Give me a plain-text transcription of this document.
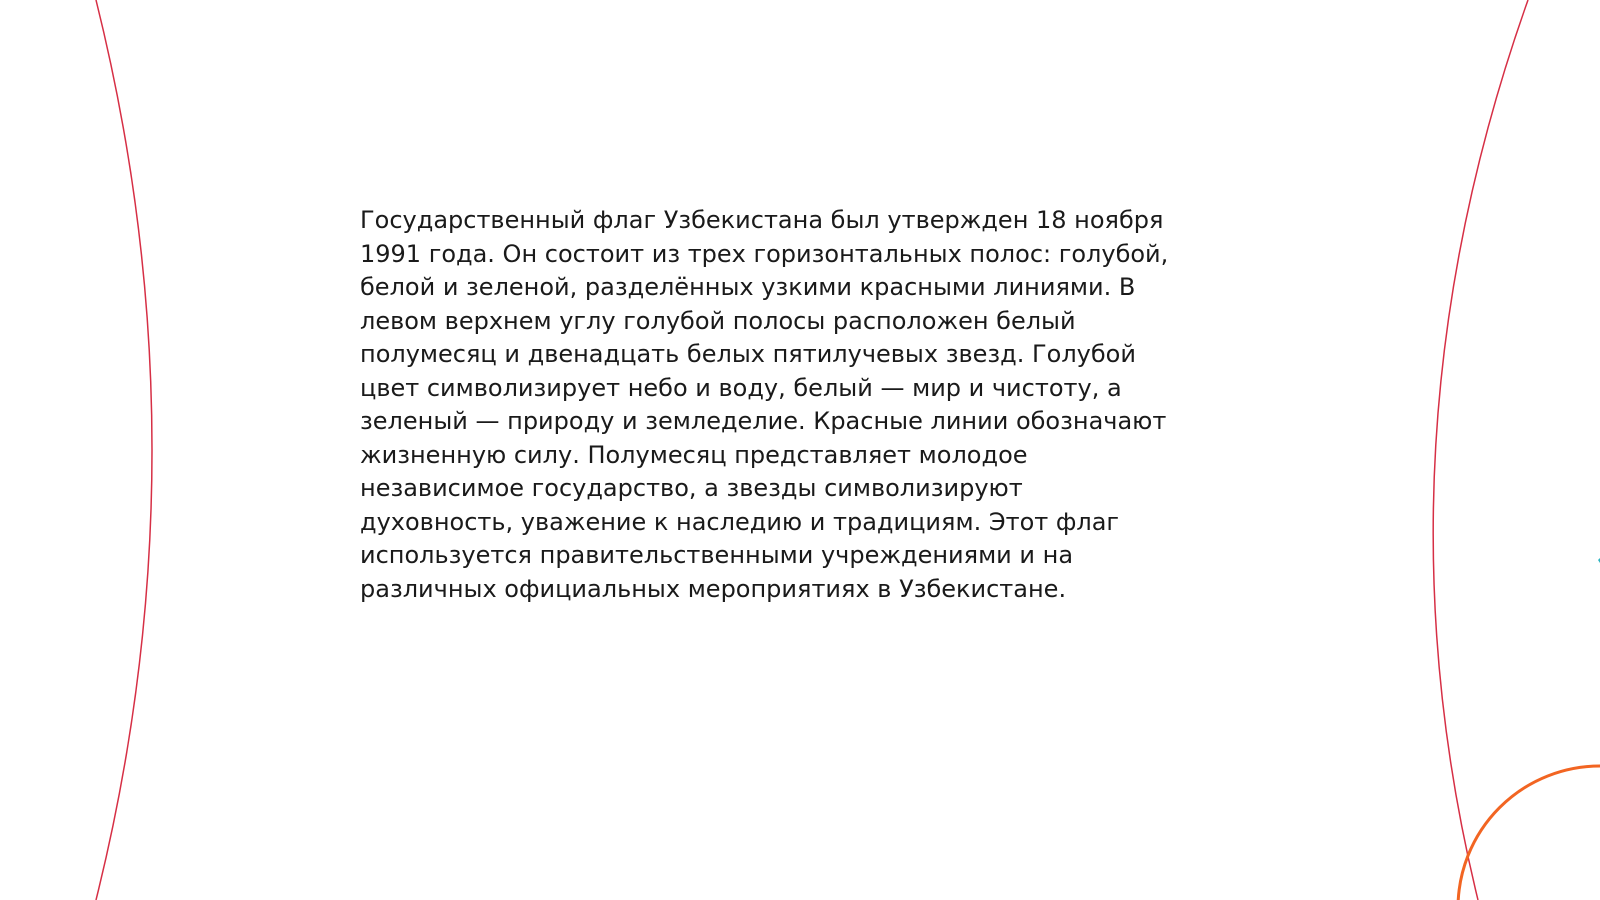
Государственный флаг Узбекистана был утвержден 18 ноября
1991 года. Он состоит из трех горизонтальных полос: голубой,
белой и зеленой, разделённых узкими красными линиями. В
левом верхнем углу голубой полосы расположен белый
полумесяц и двенадцать белых пятилучевых звезд. Голубой
цвет символизирует небо и воду, белый — мир и чистоту, а
зеленый — природу и земледелие. Красные линии обозначают
жизненную силу. Полумесяц представляет молодое
независимое государство, а звезды символизируют
духовность, уважение к наследию и традициям. Этот флаг
используется правительственными учреждениями и на
различных официальных мероприятиях в Узбекистане.
